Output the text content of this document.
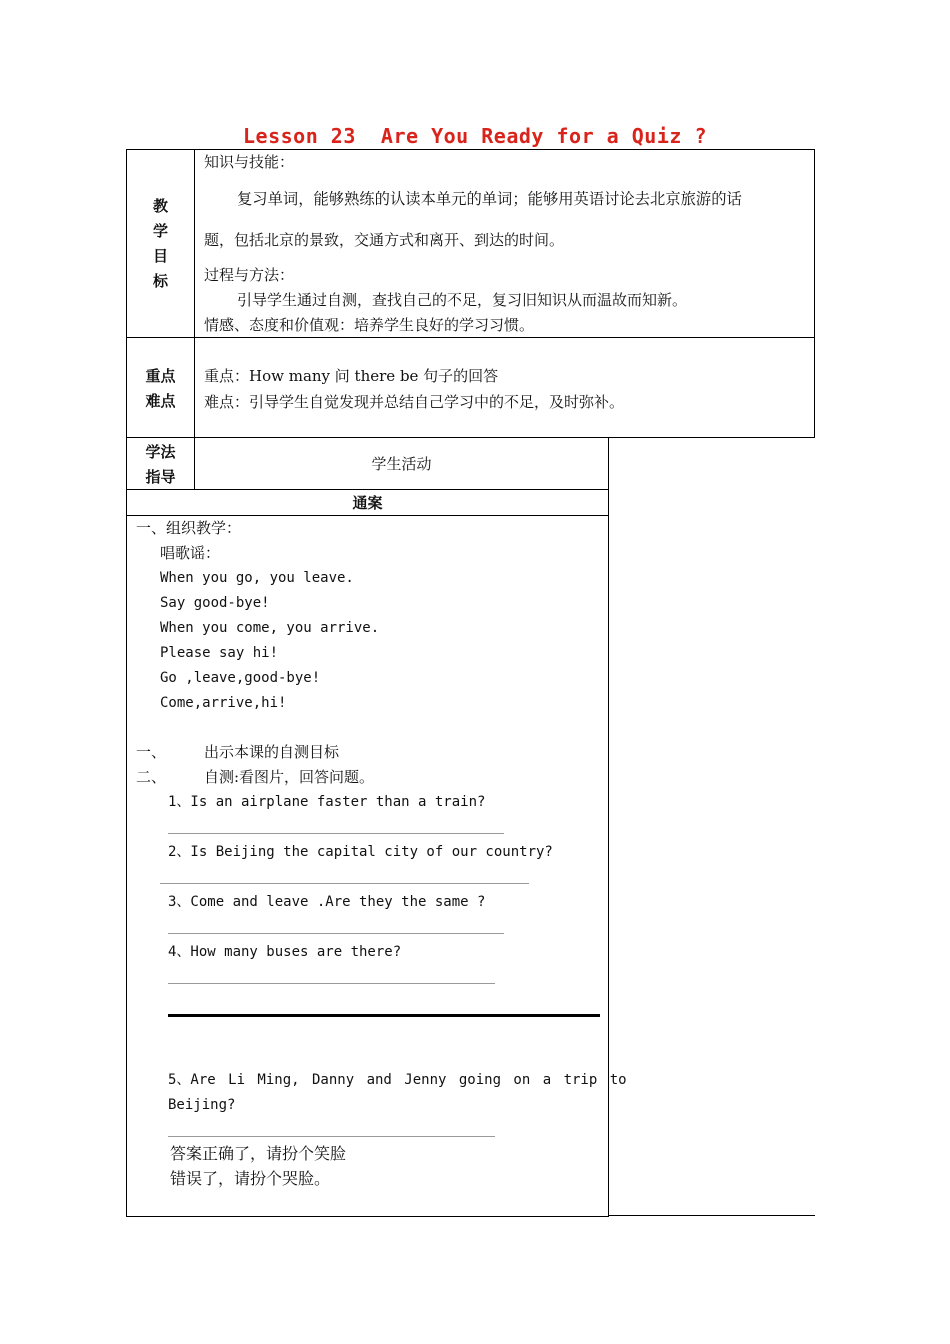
Lesson 23  Are You Ready for a Quiz ?
教
学
目
标
知识与技能：
复习单词，能够熟练的认读本单元的单词；能够用英语讨论去北京旅游的话
题，包括北京的景致，交通方式和离开、到达的时间。
过程与方法：
引导学生通过自测，查找自己的不足，复习旧知识从而温故而知新。
情感、态度和价值观：培养学生良好的学习习惯。
重点
难点
重点：How many 问 there be 句子的回答
难点：引导学生自觉发现并总结自己学习中的不足，及时弥补。
学法
指导
学生活动
通案
一、组织教学：
唱歌谣：
When you go, you leave.
Say good-bye!
When you come, you arrive.
Please say hi!
Go ,leave,good-bye!
Come,arrive,hi!
一、	出示本课的自测目标
二、	自测:看图片，回答问题。
1、Is an airplane faster than a train?
2、Is Beijing the capital city of our country?
3、Come and leave .Are they the same ?
4、How many buses are there?
5、Are Li Ming, Danny and Jenny going on a trip to
Beijing?
答案正确了，请扮个笑脸
错误了，请扮个哭脸。
